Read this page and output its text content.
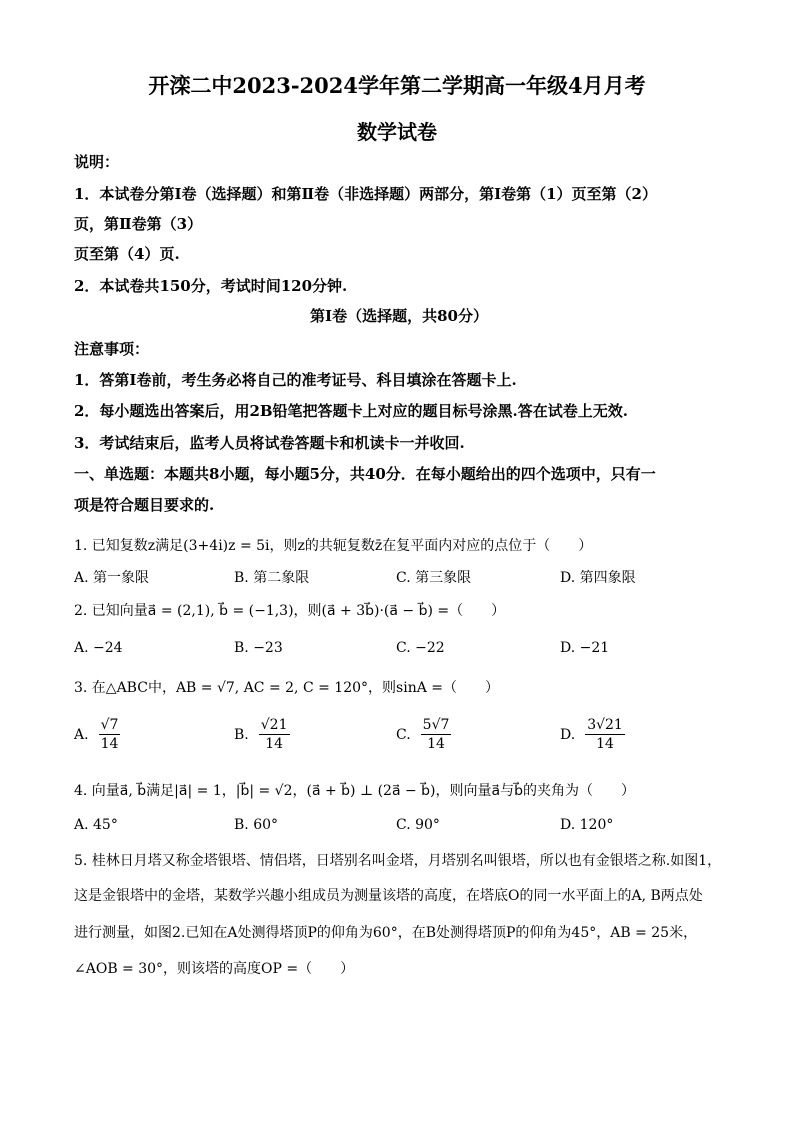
开滦二中2023-2024学年第二学期高一年级4月月考
数学试卷
说明：
1．本试卷分第Ⅰ卷（选择题）和第Ⅱ卷（非选择题）两部分，第Ⅰ卷第（1）页至第（2）
页，第Ⅱ卷第（3）
页至第（4）页.
2．本试卷共150分，考试时间120分钟.
第Ⅰ卷（选择题，共80分）
注意事项：
1．答第Ⅰ卷前，考生务必将自己的准考证号、科目填涂在答题卡上.
2．每小题选出答案后，用2B铅笔把答题卡上对应的题目标号涂黑.答在试卷上无效.
3．考试结束后，监考人员将试卷答题卡和机读卡一并收回.
一、单选题：本题共8小题，每小题5分，共40分．在每小题给出的四个选项中，只有一
项是符合题目要求的.
1. 已知复数z满足(3+4i)z = 5i，则z的共轭复数z̄在复平面内对应的点位于（　　）
A. 第一象限	B. 第二象限	C. 第三象限	D. 第四象限
2. 已知向量a⃗ = (2,1), b⃗ = (−1,3)，则(a⃗ + 3b⃗)·(a⃗ − b⃗) =（　　）
A. −24	B. −23	C. −22	D. −21
3. 在△ABC中，AB = √7, AC = 2, C = 120°，则sinA =（　　）
A. $\frac{√7}{14}$	B. $\frac{√21}{14}$	C. $\frac{5√7}{14}$	D. $\frac{3√21}{14}$
4. 向量a⃗, b⃗满足|a⃗| = 1，|b⃗| = √2，(a⃗ + b⃗) ⊥ (2a⃗ − b⃗)，则向量a⃗与b⃗的夹角为（　　）
A. 45°	B. 60°	C. 90°	D. 120°
5. 桂林日月塔又称金塔银塔、情侣塔，日塔别名叫金塔，月塔别名叫银塔，所以也有金银塔之称.如图1，
这是金银塔中的金塔，某数学兴趣小组成员为测量该塔的高度，在塔底O的同一水平面上的A, B两点处
进行测量，如图2.已知在A处测得塔顶P的仰角为60°，在B处测得塔顶P的仰角为45°，AB = 25米，
∠AOB = 30°，则该塔的高度OP =（　　）
